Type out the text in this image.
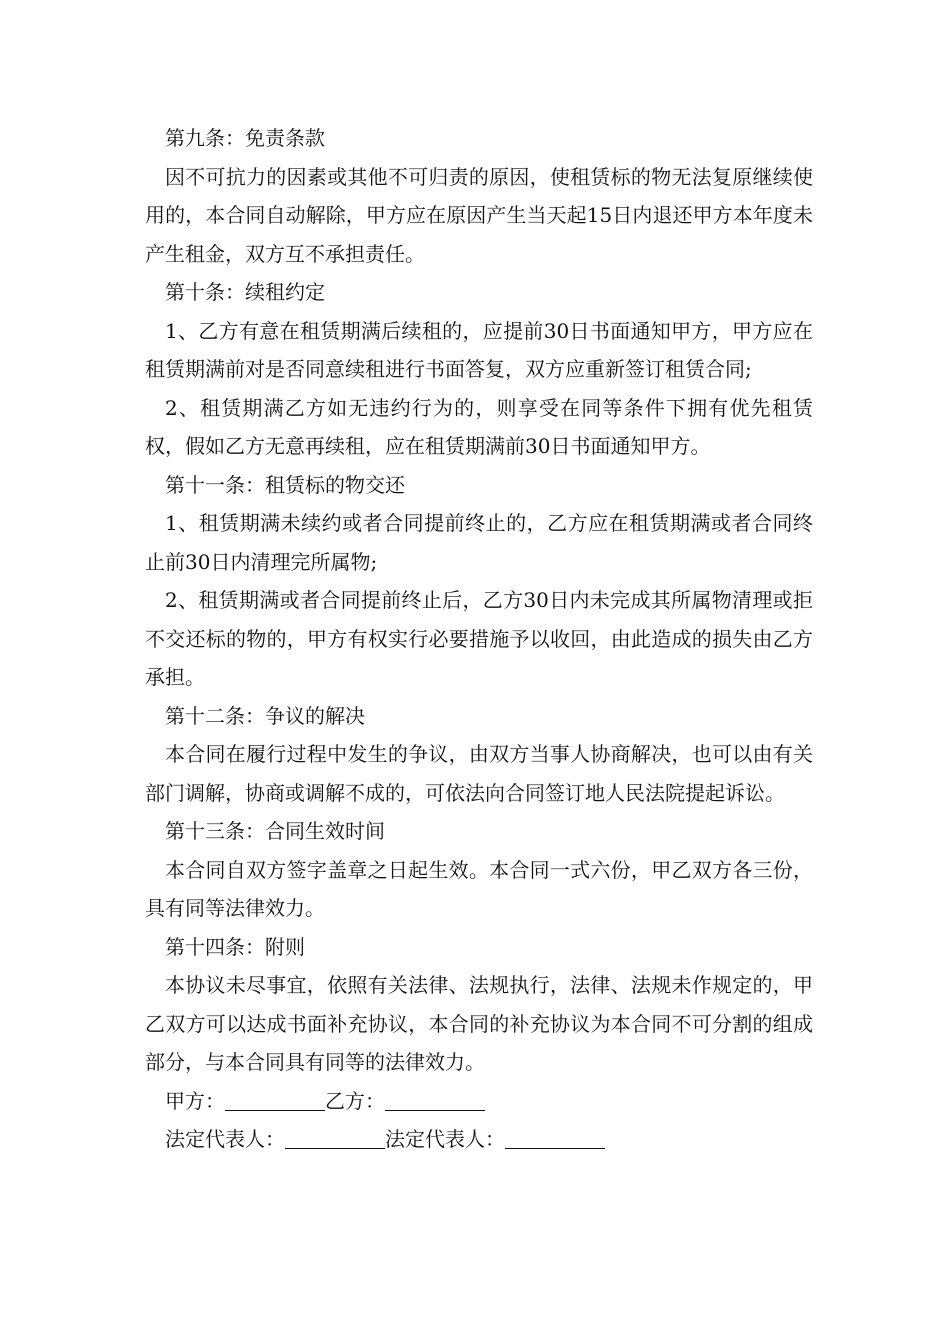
第九条：免责条款

因不可抗力的因素或其他不可归责的原因，使租赁标的物无法复原继续使用的，本合同自动解除，甲方应在原因产生当天起15日内退还甲方本年度未产生租金，双方互不承担责任。

第十条：续租约定

1、乙方有意在租赁期满后续租的，应提前30日书面通知甲方，甲方应在租赁期满前对是否同意续租进行书面答复，双方应重新签订租赁合同;

2、租赁期满乙方如无违约行为的，则享受在同等条件下拥有优先租赁权，假如乙方无意再续租，应在租赁期满前30日书面通知甲方。

第十一条：租赁标的物交还

1、租赁期满未续约或者合同提前终止的，乙方应在租赁期满或者合同终止前30日内清理完所属物;

2、租赁期满或者合同提前终止后，乙方30日内未完成其所属物清理或拒不交还标的物的，甲方有权实行必要措施予以收回，由此造成的损失由乙方承担。

第十二条：争议的解决

本合同在履行过程中发生的争议，由双方当事人协商解决，也可以由有关部门调解，协商或调解不成的，可依法向合同签订地人民法院提起诉讼。

第十三条：合同生效时间

本合同自双方签字盖章之日起生效。本合同一式六份，甲乙双方各三份，具有同等法律效力。

第十四条：附则

本协议未尽事宜，依照有关法律、法规执行，法律、法规未作规定的，甲乙双方可以达成书面补充协议，本合同的补充协议为本合同不可分割的组成部分，与本合同具有同等的法律效力。

甲方：	乙方：

法定代表人：	法定代表人：
